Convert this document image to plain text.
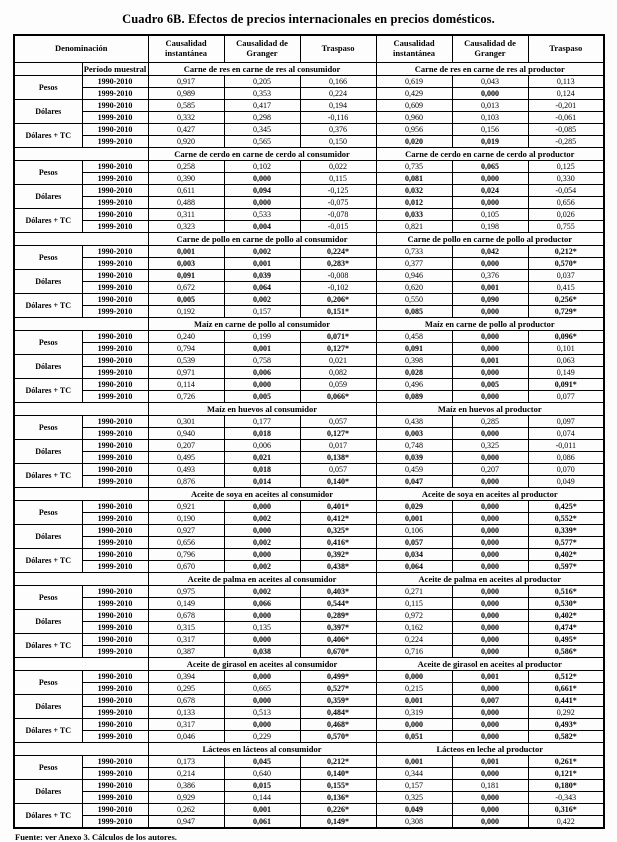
Cuadro 6B. Efectos de precios internacionales en precios domésticos.
Denominación		Causalidad instantánea	Causalidad de Granger	Traspaso	Causalidad instantánea	Causalidad de Granger	Traspaso
	Período muestral	Carne de res en carne de res al consumidor			Carne de res en carne de res al productor		
Pesos	1990-2010	0,917	0,205	0,166	0,619	0,043	0,113
	1999-2010	0,989	0,353	0,224	0,429	0,000	0,124
Dólares	1990-2010	0,585	0,417	0,194	0,609	0,013	-0,201
	1999-2010	0,332	0,298	-0,116	0,960	0,103	-0,061
Dólares + TC	1990-2010	0,427	0,345	0,376	0,956	0,156	-0,085
	1999-2010	0,920	0,565	0,150	0,020	0,019	-0,285
		Carne de cerdo en carne de cerdo al consumidor			Carne de cerdo en carne de cerdo al productor		
Pesos	1990-2010	0,258	0,102	0,022	0,735	0,065	0,125
	1999-2010	0,390	0,000	0,115	0,081	0,000	0,330
Dólares	1990-2010	0,611	0,094	-0,125	0,032	0,024	-0,054
	1999-2010	0,488	0,000	-0,075	0,012	0,000	0,656
Dólares + TC	1990-2010	0,311	0,533	-0,078	0,033	0,105	0,026
	1999-2010	0,323	0,004	-0,015	0,821	0,198	0,755
		Carne de pollo en carne de pollo al consumidor			Carne de pollo en carne de pollo al productor		
Pesos	1990-2010	0,001	0,002	0,224*	0,733	0,042	0,212*
	1999-2010	0,003	0,001	0,283*	0,377	0,000	0,570*
Dólares	1990-2010	0,091	0,039	-0,008	0,946	0,376	0,037
	1999-2010	0,672	0,064	-0,102	0,620	0,001	0,415
Dólares + TC	1990-2010	0,005	0,002	0,206*	0,550	0,090	0,256*
	1999-2010	0,192	0,157	0,151*	0,085	0,000	0,729*
		Maíz en carne de pollo al consumidor			Maíz en carne de pollo al productor		
Pesos	1990-2010	0,240	0,199	0,071*	0,458	0,000	0,096*
	1999-2010	0,794	0,001	0,127*	0,091	0,000	0,101
Dólares	1990-2010	0,539	0,758	0,021	0,398	0,001	0,063
	1999-2010	0,971	0,006	0,082	0,028	0,000	0,149
Dólares + TC	1990-2010	0,114	0,000	0,059	0,496	0,005	0,091*
	1999-2010	0,726	0,005	0,066*	0,089	0,000	0,077
		Maíz en huevos al consumidor			Maíz en huevos al productor		
Pesos	1990-2010	0,301	0,177	0,057	0,438	0,285	0,097
	1999-2010	0,940	0,018	0,127*	0,003	0,000	0,074
Dólares	1990-2010	0,207	0,006	0,017	0,748	0,325	-0,011
	1999-2010	0,495	0,021	0,138*	0,039	0,000	0,086
Dólares + TC	1990-2010	0,493	0,018	0,057	0,459	0,207	0,070
	1999-2010	0,876	0,014	0,140*	0,047	0,000	0,049
		Aceite de soya en aceites al consumidor			Aceite de soya en aceites al productor		
Pesos	1990-2010	0,921	0,000	0,401*	0,029	0,000	0,425*
	1999-2010	0,190	0,002	0,412*	0,001	0,000	0,552*
Dólares	1990-2010	0,927	0,000	0,325*	0,106	0,000	0,339*
	1999-2010	0,656	0,002	0,416*	0,057	0,000	0,577*
Dólares + TC	1990-2010	0,796	0,000	0,392*	0,034	0,000	0,402*
	1999-2010	0,670	0,002	0,438*	0,064	0,000	0,597*
		Aceite de palma en aceites al consumidor			Aceite de palma en aceites al productor		
Pesos	1990-2010	0,975	0,002	0,403*	0,271	0,000	0,516*
	1999-2010	0,149	0,066	0,544*	0,115	0,000	0,530*
Dólares	1990-2010	0,678	0,000	0,289*	0,972	0,000	0,402*
	1999-2010	0,315	0,135	0,397*	0,162	0,000	0,474*
Dólares + TC	1990-2010	0,317	0,000	0,406*	0,224	0,000	0,495*
	1999-2010	0,387	0,038	0,670*	0,716	0,000	0,586*
		Aceite de girasol en aceites al consumidor			Aceite de girasol en aceites al productor		
Pesos	1990-2010	0,394	0,000	0,499*	0,000	0,001	0,512*
	1999-2010	0,295	0,665	0,527*	0,215	0,000	0,661*
Dólares	1990-2010	0,678	0,000	0,359*	0,001	0,007	0,441*
	1999-2010	0,133	0,513	0,484*	0,319	0,000	0,292
Dólares + TC	1990-2010	0,317	0,000	0,468*	0,000	0,000	0,493*
	1999-2010	0,046	0,229	0,570*	0,051	0,000	0,582*
		Lácteos en lácteos al consumidor			Lácteos en leche al productor		
Pesos	1990-2010	0,173	0,045	0,212*	0,001	0,001	0,261*
	1999-2010	0,214	0,640	0,140*	0,344	0,000	0,121*
Dólares	1990-2010	0,386	0,015	0,155*	0,157	0,181	0,180*
	1999-2010	0,929	0,144	0,136*	0,325	0,000	-0,343
Dólares + TC	1990-2010	0,262	0,001	0,226*	0,049	0,000	0,316*
	1999-2010	0,947	0,061	0,149*	0,308	0,000	0,422
Fuente: ver Anexo 3. Cálculos de los autores.
